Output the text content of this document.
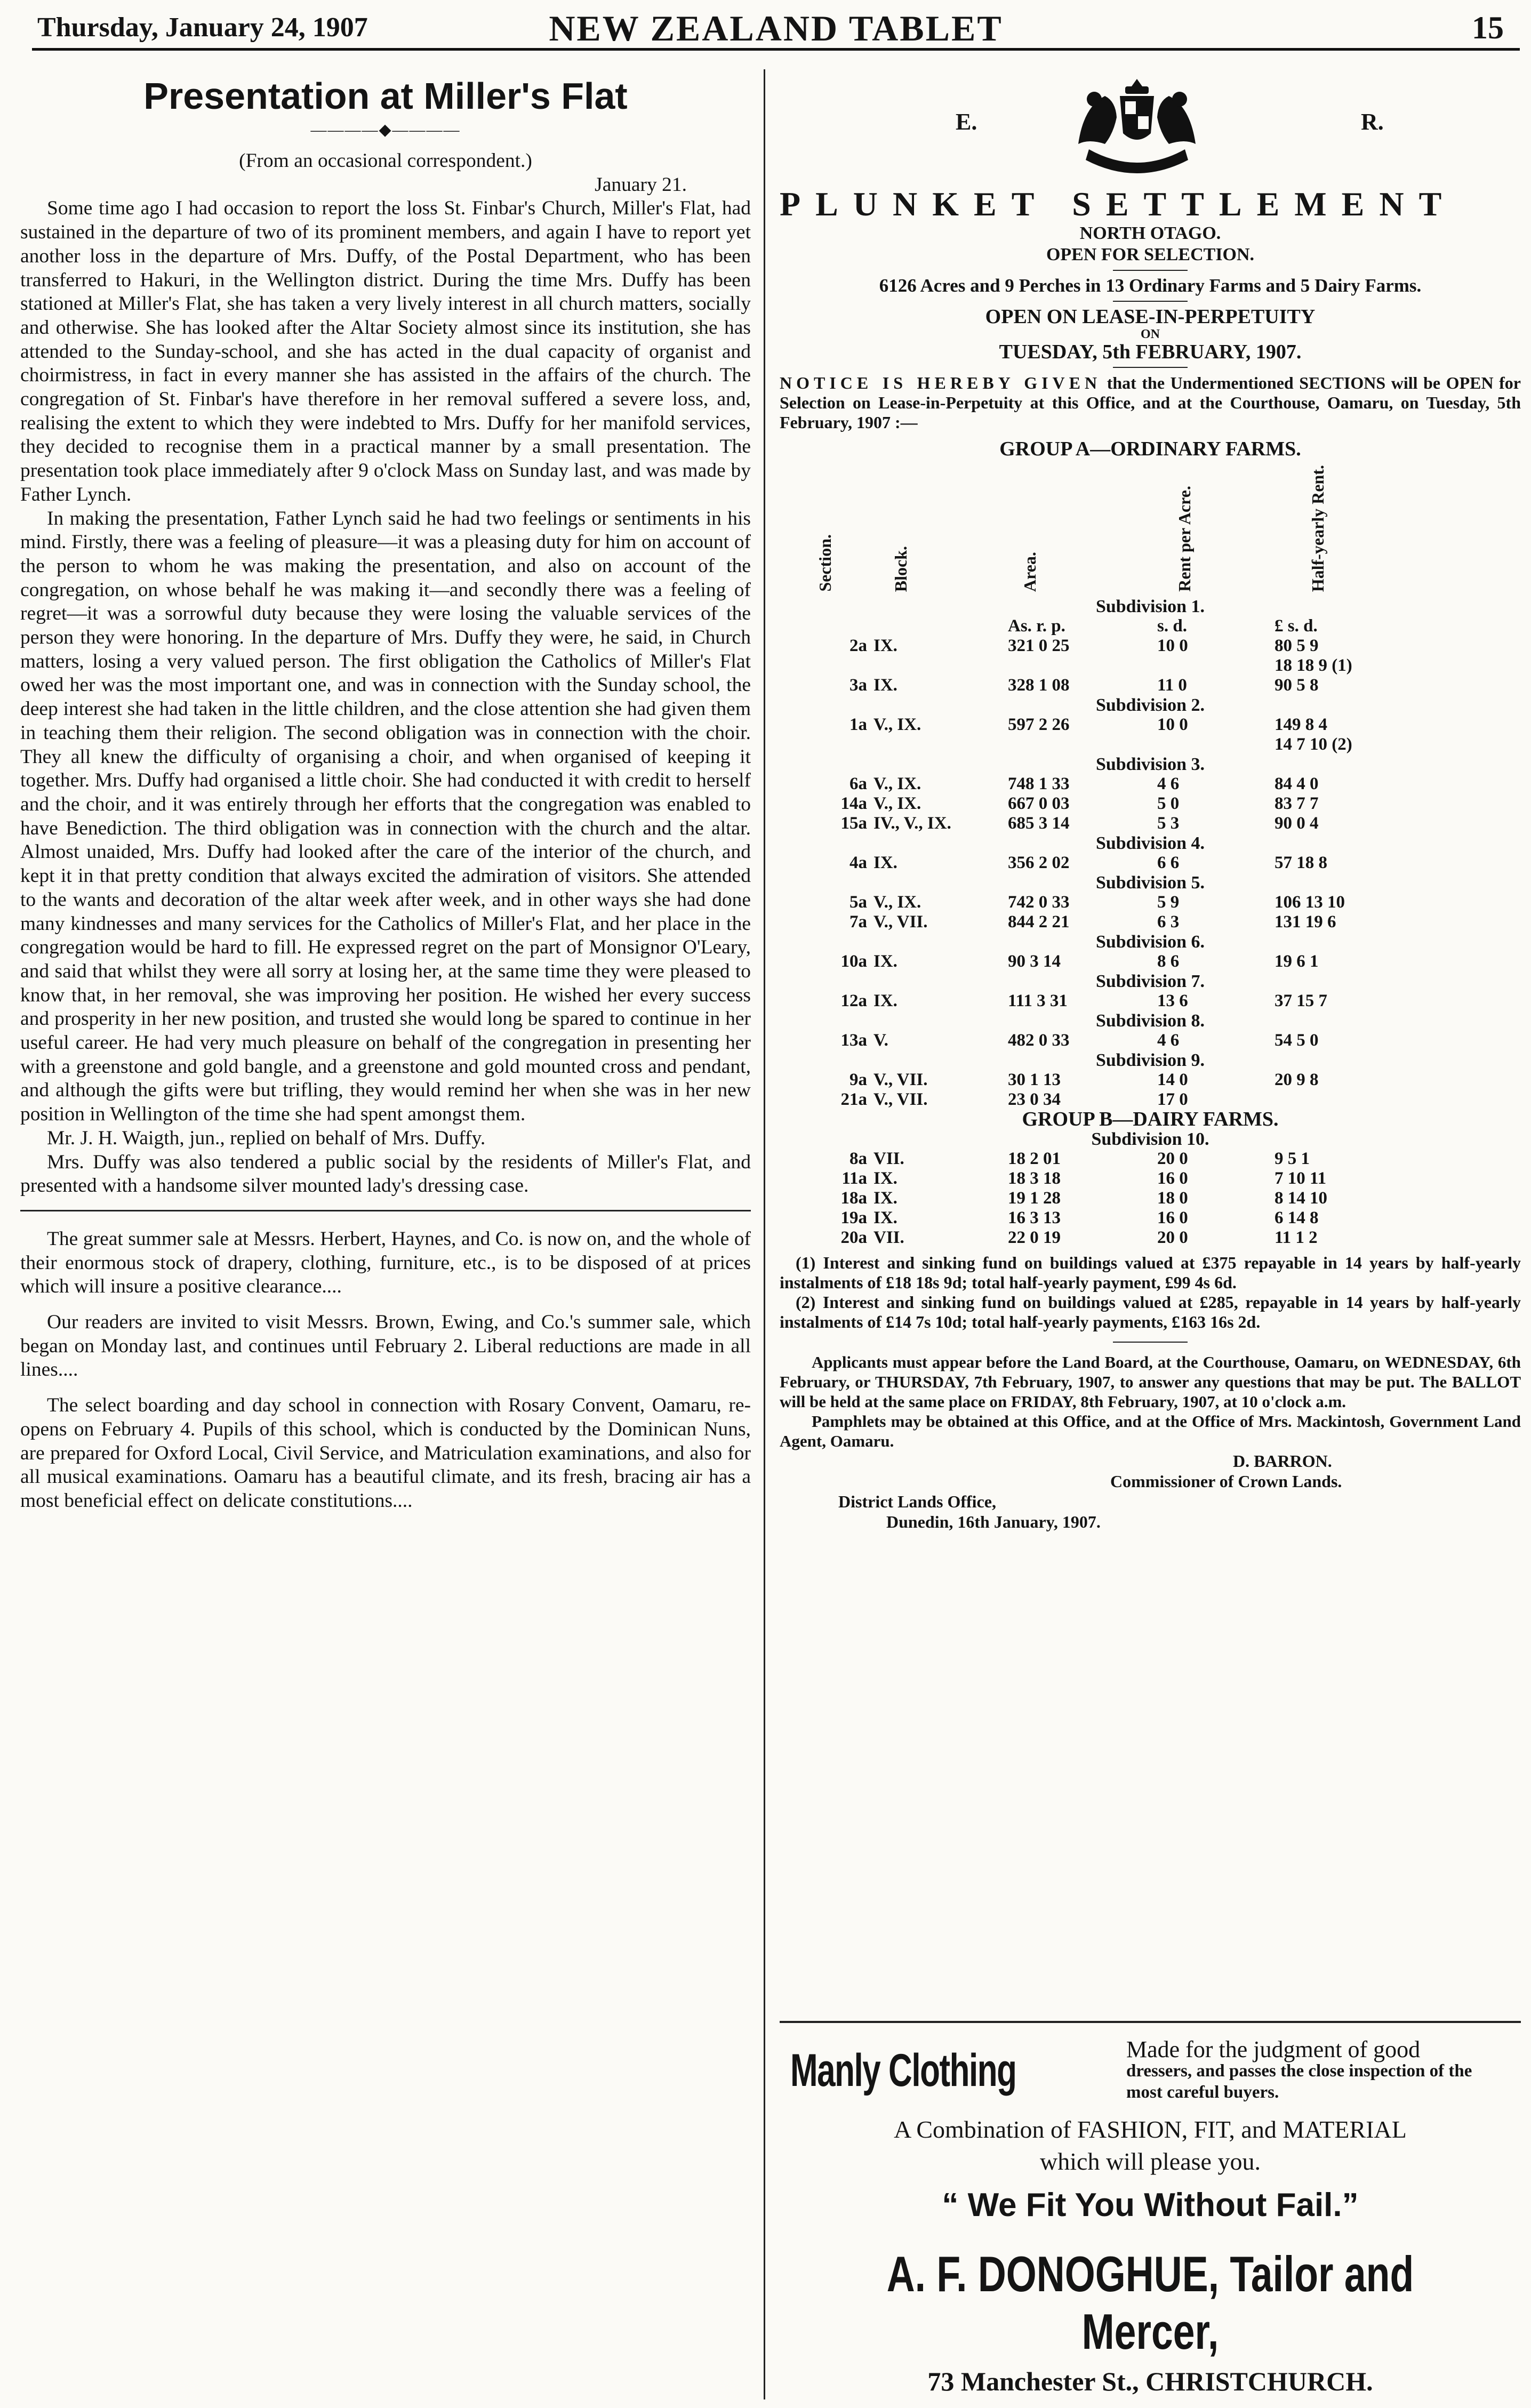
Thursday, January 24, 1907	NEW ZEALAND TABLET	15
Presentation at Miller's Flat
————◆————

(From an occasional correspondent.)

January 21.

Some time ago I had occasion to report the loss St. Finbar's Church, Miller's Flat, had sustained in the departure of two of its prominent members, and again I have to report yet another loss in the departure of Mrs. Duffy, of the Postal Department, who has been transferred to Hakuri, in the Wellington district. During the time Mrs. Duffy has been stationed at Miller's Flat, she has taken a very lively interest in all church matters, socially and otherwise. She has looked after the Altar Society almost since its institution, she has attended to the Sunday-school, and she has acted in the dual capacity of organist and choirmistress, in fact in every manner she has assisted in the affairs of the church. The congregation of St. Finbar's have therefore in her removal suffered a severe loss, and, realising the extent to which they were indebted to Mrs. Duffy for her manifold services, they decided to recognise them in a practical manner by a small presentation. The presentation took place immediately after 9 o'clock Mass on Sunday last, and was made by Father Lynch.

In making the presentation, Father Lynch said he had two feelings or sentiments in his mind. Firstly, there was a feeling of pleasure—it was a pleasing duty for him on account of the person to whom he was making the presentation, and also on account of the congregation, on whose behalf he was making it—and secondly there was a feeling of regret—it was a sorrowful duty because they were losing the valuable services of the person they were honoring. In the departure of Mrs. Duffy they were, he said, in Church matters, losing a very valued person. The first obligation the Catholics of Miller's Flat owed her was the most important one, and was in connection with the Sunday school, the deep interest she had taken in the little children, and the close attention she had given them in teaching them their religion. The second obligation was in connection with the choir. They all knew the difficulty of organising a choir, and when organised of keeping it together. Mrs. Duffy had organised a little choir. She had conducted it with credit to herself and the choir, and it was entirely through her efforts that the congregation was enabled to have Benediction. The third obligation was in connection with the church and the altar. Almost unaided, Mrs. Duffy had looked after the care of the interior of the church, and kept it in that pretty condition that always excited the admiration of visitors. She attended to the wants and decoration of the altar week after week, and in other ways she had done many kindnesses and many services for the Catholics of Miller's Flat, and her place in the congregation would be hard to fill. He expressed regret on the part of Monsignor O'Leary, and said that whilst they were all sorry at losing her, at the same time they were pleased to know that, in her removal, she was improving her position. He wished her every success and prosperity in her new position, and trusted she would long be spared to continue in her useful career. He had very much pleasure on behalf of the congregation in presenting her with a greenstone and gold bangle, and a greenstone and gold mounted cross and pendant, and although the gifts were but trifling, they would remind her when she was in her new position in Wellington of the time she had spent amongst them.

Mr. J. H. Waigth, jun., replied on behalf of Mrs. Duffy.

Mrs. Duffy was also tendered a public social by the residents of Miller's Flat, and presented with a handsome silver mounted lady's dressing case.

The great summer sale at Messrs. Herbert, Haynes, and Co. is now on, and the whole of their enormous stock of drapery, clothing, furniture, etc., is to be disposed of at prices which will insure a positive clearance....

Our readers are invited to visit Messrs. Brown, Ewing, and Co.'s summer sale, which began on Monday last, and continues until February 2. Liberal reductions are made in all lines....

The select boarding and day school in connection with Rosary Convent, Oamaru, re-opens on February 4. Pupils of this school, which is conducted by the Dominican Nuns, are prepared for Oxford Local, Civil Service, and Matriculation examinations, and also for all musical examinations. Oamaru has a beautiful climate, and its fresh, bracing air has a most beneficial effect on delicate constitutions....

E.	R.
PLUNKET SETTLEMENT
NORTH OTAGO.
OPEN FOR SELECTION.
6126 Acres and 9 Perches in 13 Ordinary Farms and 5 Dairy Farms.
OPEN ON LEASE-IN-PERPETUITY
ON
TUESDAY, 5th FEBRUARY, 1907.

NOTICE IS HEREBY GIVEN that the Undermentioned SECTIONS will be OPEN for Selection on Lease-in-Perpetuity at this Office, and at the Courthouse, Oamaru, on Tuesday, 5th February, 1907 :—

GROUP A—ORDINARY FARMS.
Section.	Block.	Area.	Rent per Acre.	Half-yearly Rent.
Subdivision 1.				
		As. r. p.	s. d.	£ s. d.
2a	IX.	321 0 25	10 0	80 5 9
				18 18 9 (1)
3a	IX.	328 1 08	11 0	90 5 8
Subdivision 2.				
1a	V., IX.	597 2 26	10 0	149 8 4
				14 7 10 (2)
Subdivision 3.				
6a	V., IX.	748 1 33	4 6	84 4 0
14a	V., IX.	667 0 03	5 0	83 7 7
15a	IV., V., IX.	685 3 14	5 3	90 0 4
Subdivision 4.				
4a	IX.	356 2 02	6 6	57 18 8
Subdivision 5.				
5a	V., IX.	742 0 33	5 9	106 13 10
7a	V., VII.	844 2 21	6 3	131 19 6
Subdivision 6.				
10a	IX.	90 3 14	8 6	19 6 1
Subdivision 7.				
12a	IX.	111 3 31	13 6	37 15 7
Subdivision 8.				
13a	V.	482 0 33	4 6	54 5 0
Subdivision 9.				
9a	V., VII.	30 1 13	14 0	20 9 8
21a	V., VII.	23 0 34	17 0	
GROUP B—DAIRY FARMS.				
Subdivision 10.				
8a	VII.	18 2 01	20 0	9 5 1
11a	IX.	18 3 18	16 0	7 10 11
18a	IX.	19 1 28	18 0	8 14 10
19a	IX.	16 3 13	16 0	6 14 8
20a	VII.	22 0 19	20 0	11 1 2

(1) Interest and sinking fund on buildings valued at £375 repayable in 14 years by half-yearly instalments of £18 18s 9d; total half-yearly payment, £99 4s 6d.

(2) Interest and sinking fund on buildings valued at £285, repayable in 14 years by half-yearly instalments of £14 7s 10d; total half-yearly payments, £163 16s 2d.

Applicants must appear before the Land Board, at the Courthouse, Oamaru, on WEDNESDAY, 6th February, or THURSDAY, 7th February, 1907, to answer any questions that may be put. The BALLOT will be held at the same place on FRIDAY, 8th February, 1907, at 10 o'clock a.m.

Pamphlets may be obtained at this Office, and at the Office of Mrs. Mackintosh, Government Land Agent, Oamaru.

D. BARRON.
Commissioner of Crown Lands.
District Lands Office,
Dunedin, 16th January, 1907.
Manly Clothing	Made for the judgment of good
dressers, and passes the close inspection of the most careful buyers.
A Combination of FASHION, FIT, and MATERIAL
which will please you.
“ We Fit You Without Fail.”
A. F. DONOGHUE, Tailor and Mercer,
73 Manchester St., CHRISTCHURCH.
